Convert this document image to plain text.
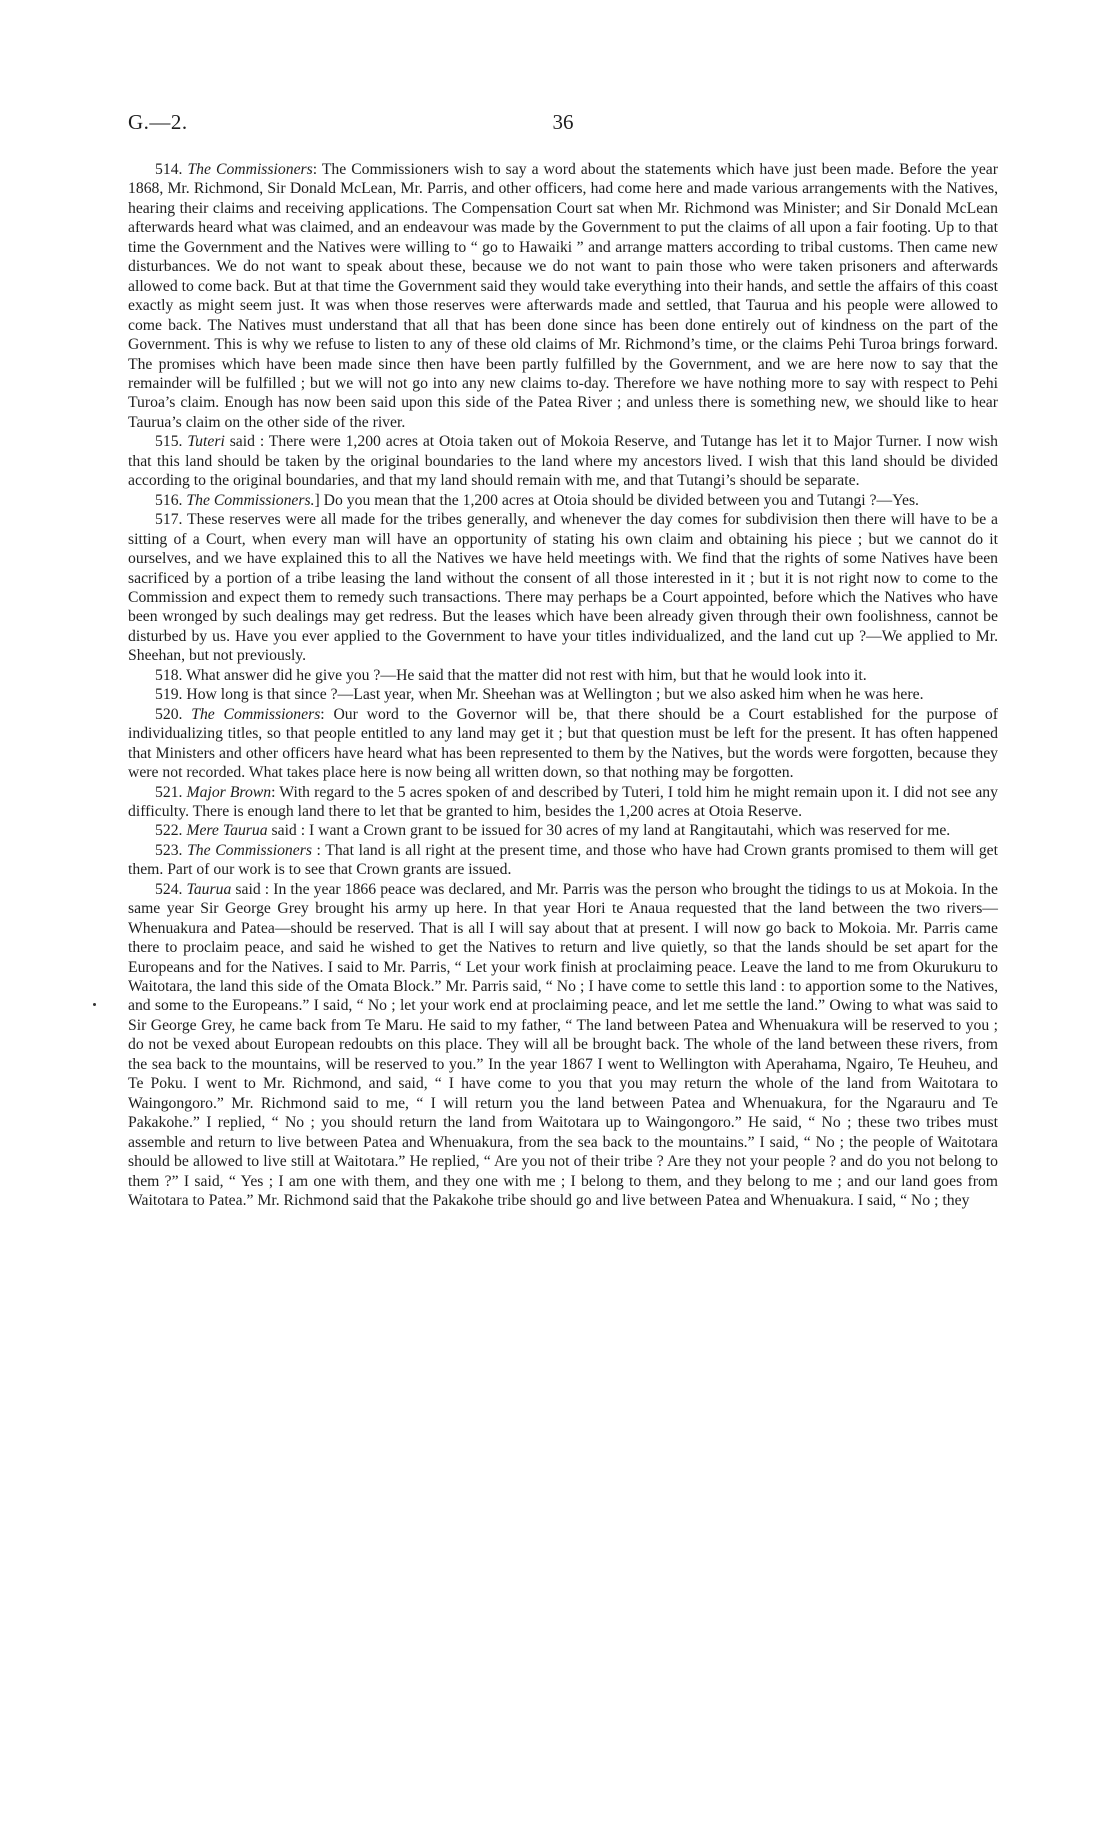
G.—2.	36

514. The Commissioners: The Commissioners wish to say a word about the statements which have just been made. Before the year 1868, Mr. Richmond, Sir Donald McLean, Mr. Parris, and other officers, had come here and made various arrangements with the Natives, hearing their claims and receiving applications. The Compensation Court sat when Mr. Richmond was Minister; and Sir Donald McLean afterwards heard what was claimed, and an endeavour was made by the Government to put the claims of all upon a fair footing. Up to that time the Government and the Natives were willing to “ go to Hawaiki ” and arrange matters according to tribal customs. Then came new disturbances. We do not want to speak about these, because we do not want to pain those who were taken prisoners and afterwards allowed to come back. But at that time the Government said they would take everything into their hands, and settle the affairs of this coast exactly as might seem just. It was when those reserves were afterwards made and settled, that Taurua and his people were allowed to come back. The Natives must understand that all that has been done since has been done entirely out of kindness on the part of the Government. This is why we refuse to listen to any of these old claims of Mr. Richmond’s time, or the claims Pehi Turoa brings forward. The promises which have been made since then have been partly fulfilled by the Government, and we are here now to say that the remainder will be fulfilled ; but we will not go into any new claims to-day. Therefore we have nothing more to say with respect to Pehi Turoa’s claim. Enough has now been said upon this side of the Patea River ; and unless there is something new, we should like to hear Taurua’s claim on the other side of the river.

515. Tuteri said : There were 1,200 acres at Otoia taken out of Mokoia Reserve, and Tutange has let it to Major Turner. I now wish that this land should be taken by the original boundaries to the land where my ancestors lived. I wish that this land should be divided according to the original boundaries, and that my land should remain with me, and that Tutangi’s should be separate.

516. The Commissioners.] Do you mean that the 1,200 acres at Otoia should be divided between you and Tutangi ?—Yes.

517. These reserves were all made for the tribes generally, and whenever the day comes for subdivision then there will have to be a sitting of a Court, when every man will have an opportunity of stating his own claim and obtaining his piece ; but we cannot do it ourselves, and we have explained this to all the Natives we have held meetings with. We find that the rights of some Natives have been sacrificed by a portion of a tribe leasing the land without the consent of all those interested in it ; but it is not right now to come to the Commission and expect them to remedy such transactions. There may perhaps be a Court appointed, before which the Natives who have been wronged by such dealings may get redress. But the leases which have been already given through their own foolishness, cannot be disturbed by us. Have you ever applied to the Government to have your titles individualized, and the land cut up ?—We applied to Mr. Sheehan, but not previously.

518. What answer did he give you ?—He said that the matter did not rest with him, but that he would look into it.

519. How long is that since ?—Last year, when Mr. Sheehan was at Wellington ; but we also asked him when he was here.

520. The Commissioners: Our word to the Governor will be, that there should be a Court established for the purpose of individualizing titles, so that people entitled to any land may get it ; but that question must be left for the present. It has often happened that Ministers and other officers have heard what has been represented to them by the Natives, but the words were forgotten, because they were not recorded. What takes place here is now being all written down, so that nothing may be forgotten.

521. Major Brown: With regard to the 5 acres spoken of and described by Tuteri, I told him he might remain upon it. I did not see any difficulty. There is enough land there to let that be granted to him, besides the 1,200 acres at Otoia Reserve.

522. Mere Taurua said : I want a Crown grant to be issued for 30 acres of my land at Rangitautahi, which was reserved for me.

523. The Commissioners : That land is all right at the present time, and those who have had Crown grants promised to them will get them. Part of our work is to see that Crown grants are issued.

524. Taurua said : In the year 1866 peace was declared, and Mr. Parris was the person who brought the tidings to us at Mokoia. In the same year Sir George Grey brought his army up here. In that year Hori te Anaua requested that the land between the two rivers—Whenuakura and Patea—should be reserved. That is all I will say about that at present. I will now go back to Mokoia. Mr. Parris came there to proclaim peace, and said he wished to get the Natives to return and live quietly, so that the lands should be set apart for the Europeans and for the Natives. I said to Mr. Parris, “ Let your work finish at proclaiming peace. Leave the land to me from Okurukuru to Waitotara, the land this side of the Omata Block.” Mr. Parris said, “ No ; I have come to settle this land : to apportion some to the Natives, and some to the Europeans.” I said, “ No ; let your work end at proclaiming peace, and let me settle the land.” Owing to what was said to Sir George Grey, he came back from Te Maru. He said to my father, “ The land between Patea and Whenuakura will be reserved to you ; do not be vexed about European redoubts on this place. They will all be brought back. The whole of the land between these rivers, from the sea back to the mountains, will be reserved to you.” In the year 1867 I went to Wellington with Aperahama, Ngairo, Te Heuheu, and Te Poku. I went to Mr. Richmond, and said, “ I have come to you that you may return the whole of the land from Waitotara to Waingongoro.” Mr. Richmond said to me, “ I will return you the land between Patea and Whenuakura, for the Ngarauru and Te Pakakohe.” I replied, “ No ; you should return the land from Waitotara up to Waingongoro.” He said, “ No ; these two tribes must assemble and return to live between Patea and Whenuakura, from the sea back to the mountains.” I said, “ No ; the people of Waitotara should be allowed to live still at Waitotara.” He replied, “ Are you not of their tribe ? Are they not your people ? and do you not belong to them ?” I said, “ Yes ; I am one with them, and they one with me ; I belong to them, and they belong to me ; and our land goes from Waitotara to Patea.” Mr. Richmond said that the Pakakohe tribe should go and live between Patea and Whenuakura. I said, “ No ; they
